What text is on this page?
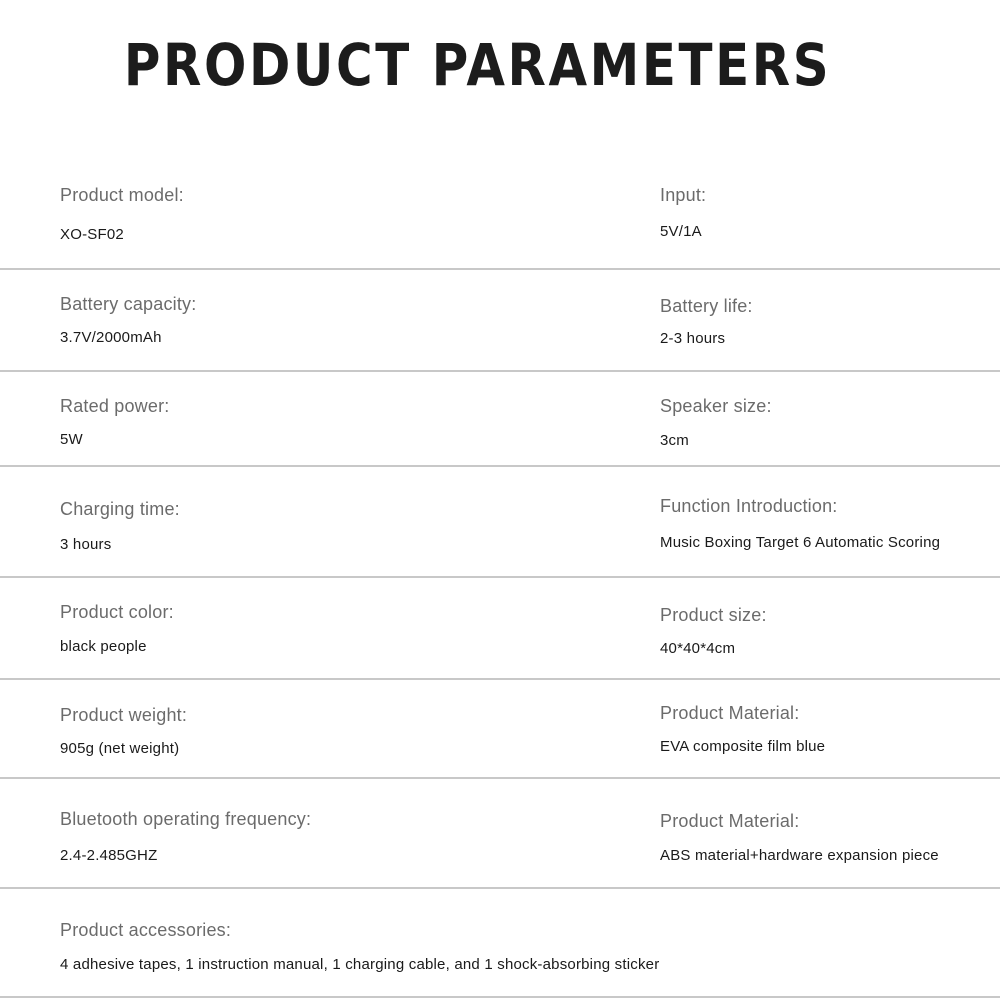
PRODUCT PARAMETERS
Product model:
XO-SF02
Input:
5V/1A
Battery capacity:
3.7V/2000mAh
Battery life:
2-3 hours
Rated power:
5W
Speaker size:
3cm
Charging time:
3 hours
Function Introduction:
Music Boxing Target 6 Automatic Scoring
Product color:
black people
Product size:
40*40*4cm
Product weight:
905g (net weight)
Product Material:
EVA composite film blue
Bluetooth operating frequency:
2.4-2.485GHZ
Product Material:
ABS material+hardware expansion piece
Product accessories:
4 adhesive tapes, 1 instruction manual, 1 charging cable, and 1 shock-absorbing sticker
